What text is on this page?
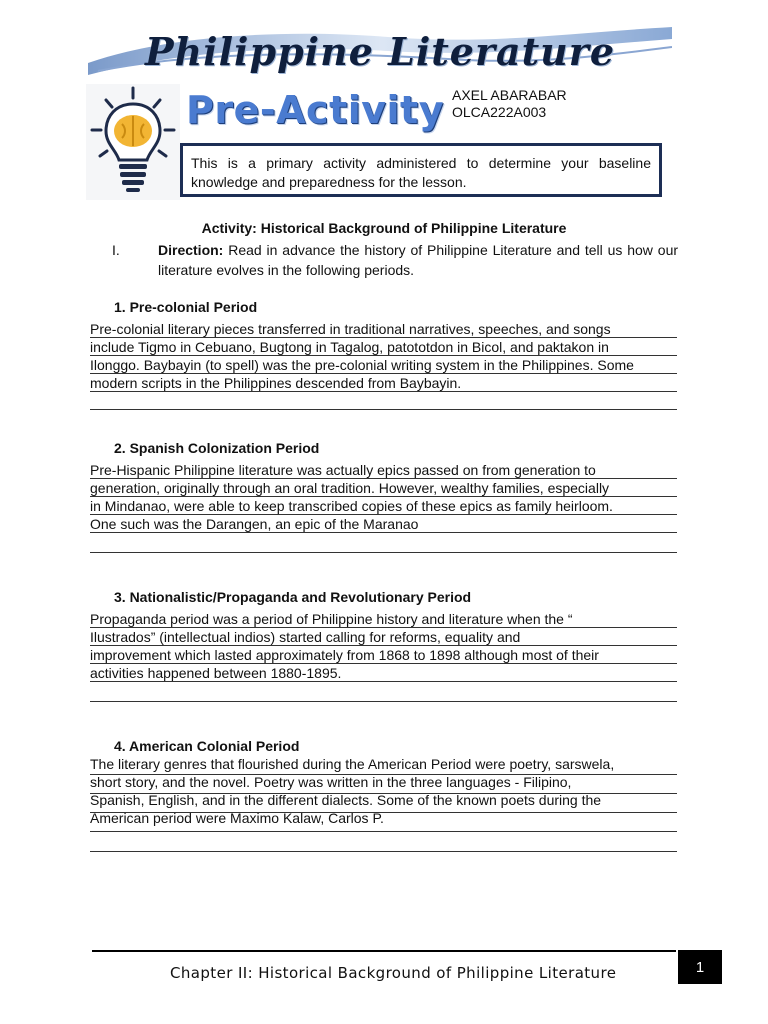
Philippine Literature
Pre-Activity AXEL ABARABAR
OLCA222A003
This is a primary activity administered to determine your baseline knowledge and preparedness for the lesson.
Activity: Historical Background of Philippine Literature
I.	Direction: Read in advance the history of Philippine Literature and tell us how our literature evolves in the following periods.
1. Pre-colonial Period
Pre-colonial literary pieces transferred in traditional narratives, speeches, and songs
include Tigmo in Cebuano, Bugtong in Tagalog, patototdon in Bicol, and paktakon in
Ilonggo. Baybayin (to spell) was the pre-colonial writing system in the Philippines. Some
modern scripts in the Philippines descended from Baybayin.
2. Spanish Colonization Period
Pre-Hispanic Philippine literature was actually epics passed on from generation to
generation, originally through an oral tradition. However, wealthy families, especially
in Mindanao, were able to keep transcribed copies of these epics as family heirloom.
One such was the Darangen, an epic of the Maranao
3. Nationalistic/Propaganda and Revolutionary Period
Propaganda period was a period of Philippine history and literature when the “
Ilustrados” (intellectual indios) started calling for reforms, equality and
improvement which lasted approximately from 1868 to 1898 although most of their
activities happened between 1880-1895.
4. American Colonial Period
The literary genres that flourished during the American Period were poetry, sarswela,
short story, and the novel. Poetry was written in the three languages - Filipino,
Spanish, English, and in the different dialects. Some of the known poets during the
American period were Maximo Kalaw, Carlos P.
Chapter II: Historical Background of Philippine Literature	1
